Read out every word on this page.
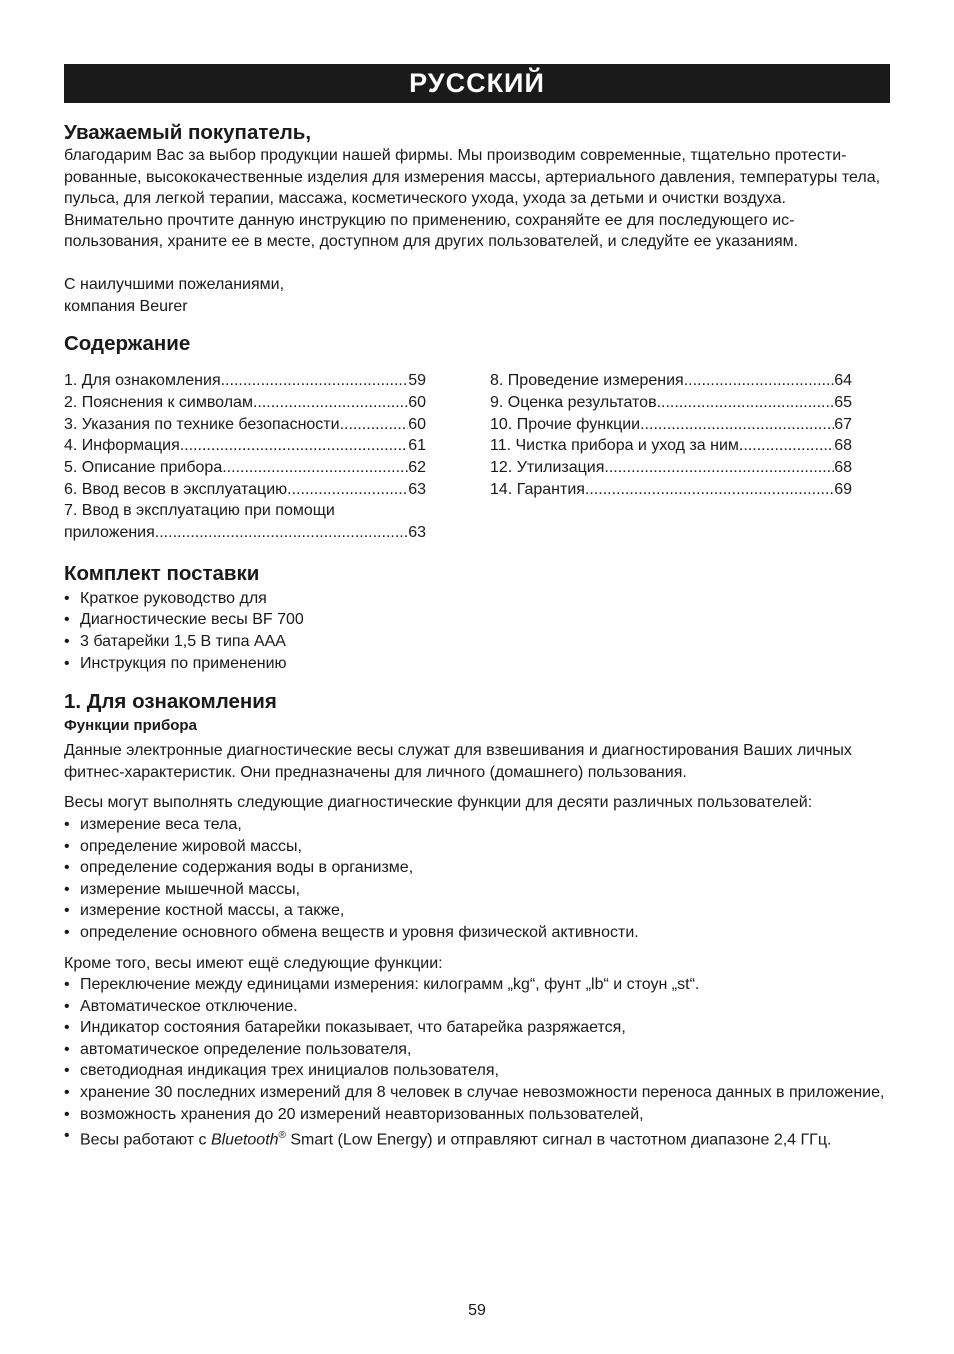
РУССКИЙ
Уважаемый покупатель,

благодарим Вас за выбор продукции нашей фирмы. Мы производим современные, тщательно протести-рованные, высококачественные изделия для измерения массы, артериального давления, температуры тела, пульса, для легкой терапии, массажа, косметического ухода, ухода за детьми и очистки воздуха.

Внимательно прочтите данную инструкцию по применению, сохраняйте ее для последующего ис-пользования, храните ее в месте, доступном для других пользователей, и следуйте ее указаниям.

С наилучшими пожеланиями,

компания Beurer

Содержание
1. Для ознакомления .....	59
2. Пояснения к символам .....	60
3. Указания по технике безопасности .....	60
4. Информация .....	61
5. Описание прибора .....	62
6. Ввод весов в эксплуатацию .....	63
7. Ввод в эксплуатацию при помощи
приложения .....	63
8. Проведение измерения .....	64
9. Оценка результатов .....	65
10. Прочие функции .....	67
11. Чистка прибора и уход за ним .....	68
12. Утилизация .....	68
14. Гарантия .....	69
Комплект поставки
• Краткое руководство для
• Диагностические весы BF 700
• 3 батарейки 1,5 В типа AAA
• Инструкция по применению
1. Для ознакомления
Функции прибора

Данные электронные диагностические весы служат для взвешивания и диагностирования Ваших личных фитнес-характеристик. Они предназначены для личного (домашнего) пользования.

Весы могут выполнять следующие диагностические функции для десяти различных пользователей:

• измерение веса тела,
• определение жировой массы,
• определение содержания воды в организме,
• измерение мышечной массы,
• измерение костной массы, а также,
• определение основного обмена веществ и уровня физической активности.

Кроме того, весы имеют ещё следующие функции:

• Переключение между единицами измерения: килограмм „kg“, фунт „lb“ и стоун „st“.
• Автоматическое отключение.
• Индикатор состояния батарейки показывает, что батарейка разряжается,
• автоматическое определение пользователя,
• светодиодная индикация трех инициалов пользователя,
• хранение 30 последних измерений для 8 человек в случае невозможности переноса данных в приложение,
• возможность хранения до 20 измерений неавторизованных пользователей,
• Весы работают с Bluetooth® Smart (Low Energy) и отправляют сигнал в частотном диапазоне 2,4 ГГц.
59
